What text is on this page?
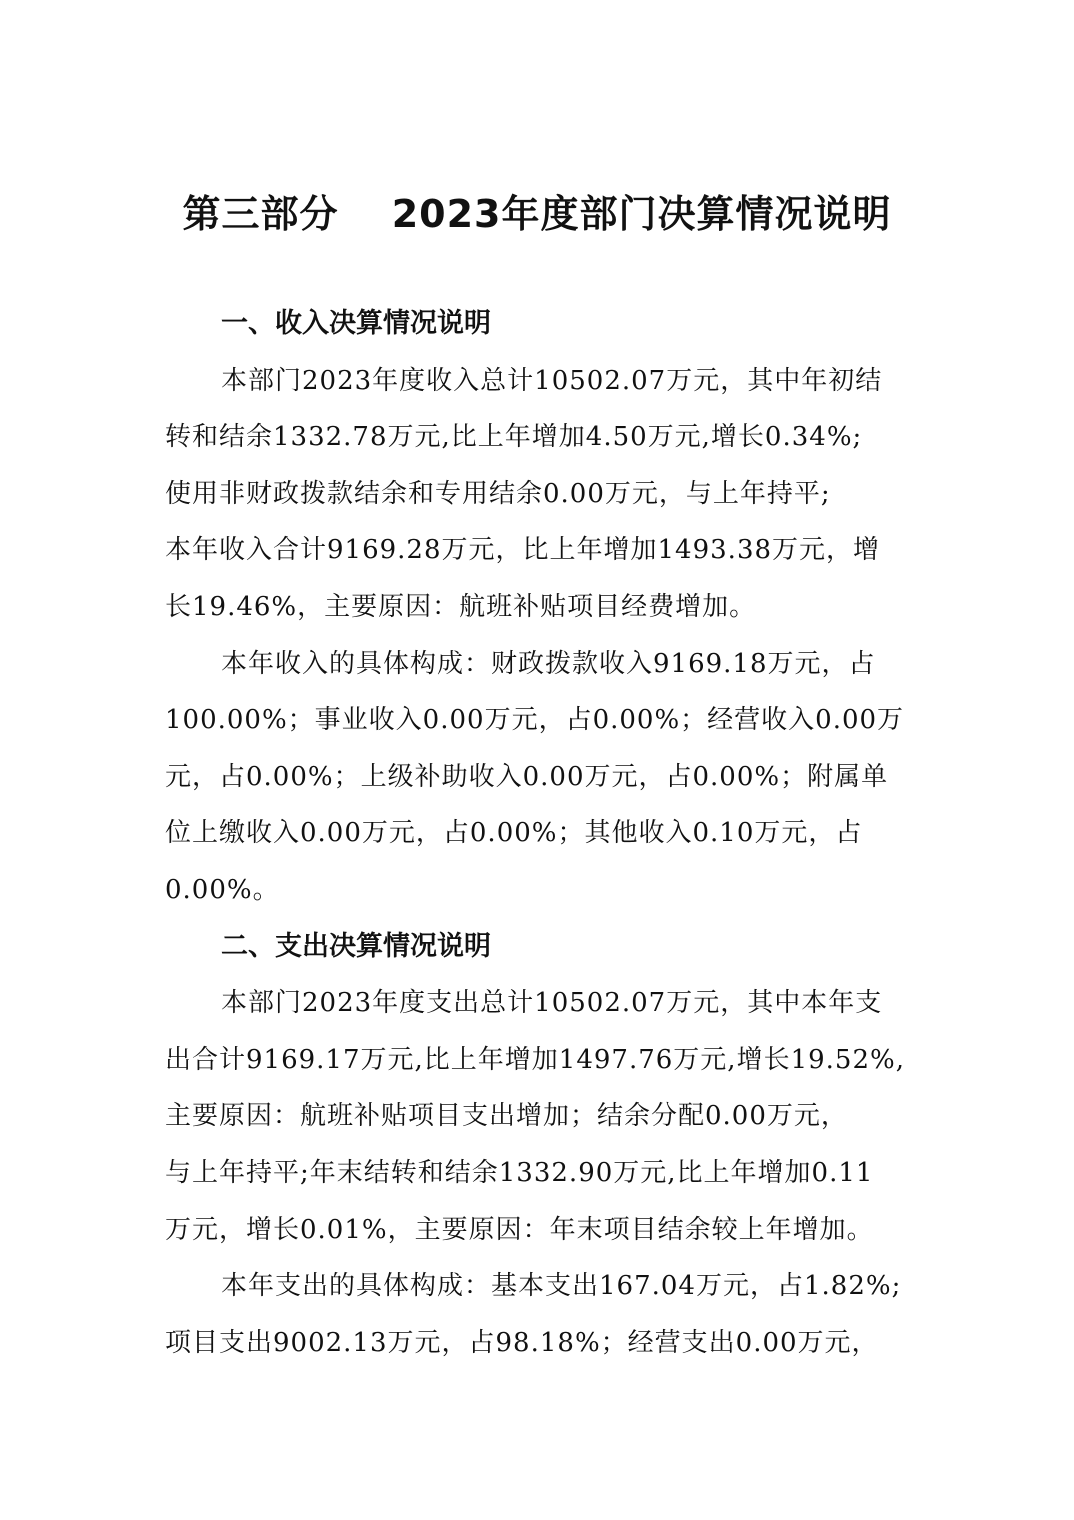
第三部分　 2023年度部门决算情况说明
一、收入决算情况说明

本部门2023年度收入总计10502.07万元，其中年初结
转和结余1332.78万元,比上年增加4.50万元,增长0.34%;
使用非财政拨款结余和专用结余0.00万元，与上年持平;
本年收入合计9169.28万元，比上年增加1493.38万元，增
长19.46%，主要原因：航班补贴项目经费增加。

本年收入的具体构成：财政拨款收入9169.18万元，占
100.00%；事业收入0.00万元，占0.00%；经营收入0.00万
元，占0.00%；上级补助收入0.00万元，占0.00%；附属单
位上缴收入0.00万元，占0.00%；其他收入0.10万元，占
0.00%。

二、支出决算情况说明

本部门2023年度支出总计10502.07万元，其中本年支
出合计9169.17万元,比上年增加1497.76万元,增长19.52%,
主要原因：航班补贴项目支出增加；结余分配0.00万元，
与上年持平;年末结转和结余1332.90万元,比上年增加0.11
万元，增长0.01%，主要原因：年末项目结余较上年增加。

本年支出的具体构成：基本支出167.04万元，占1.82%;
项目支出9002.13万元，占98.18%；经营支出0.00万元，
